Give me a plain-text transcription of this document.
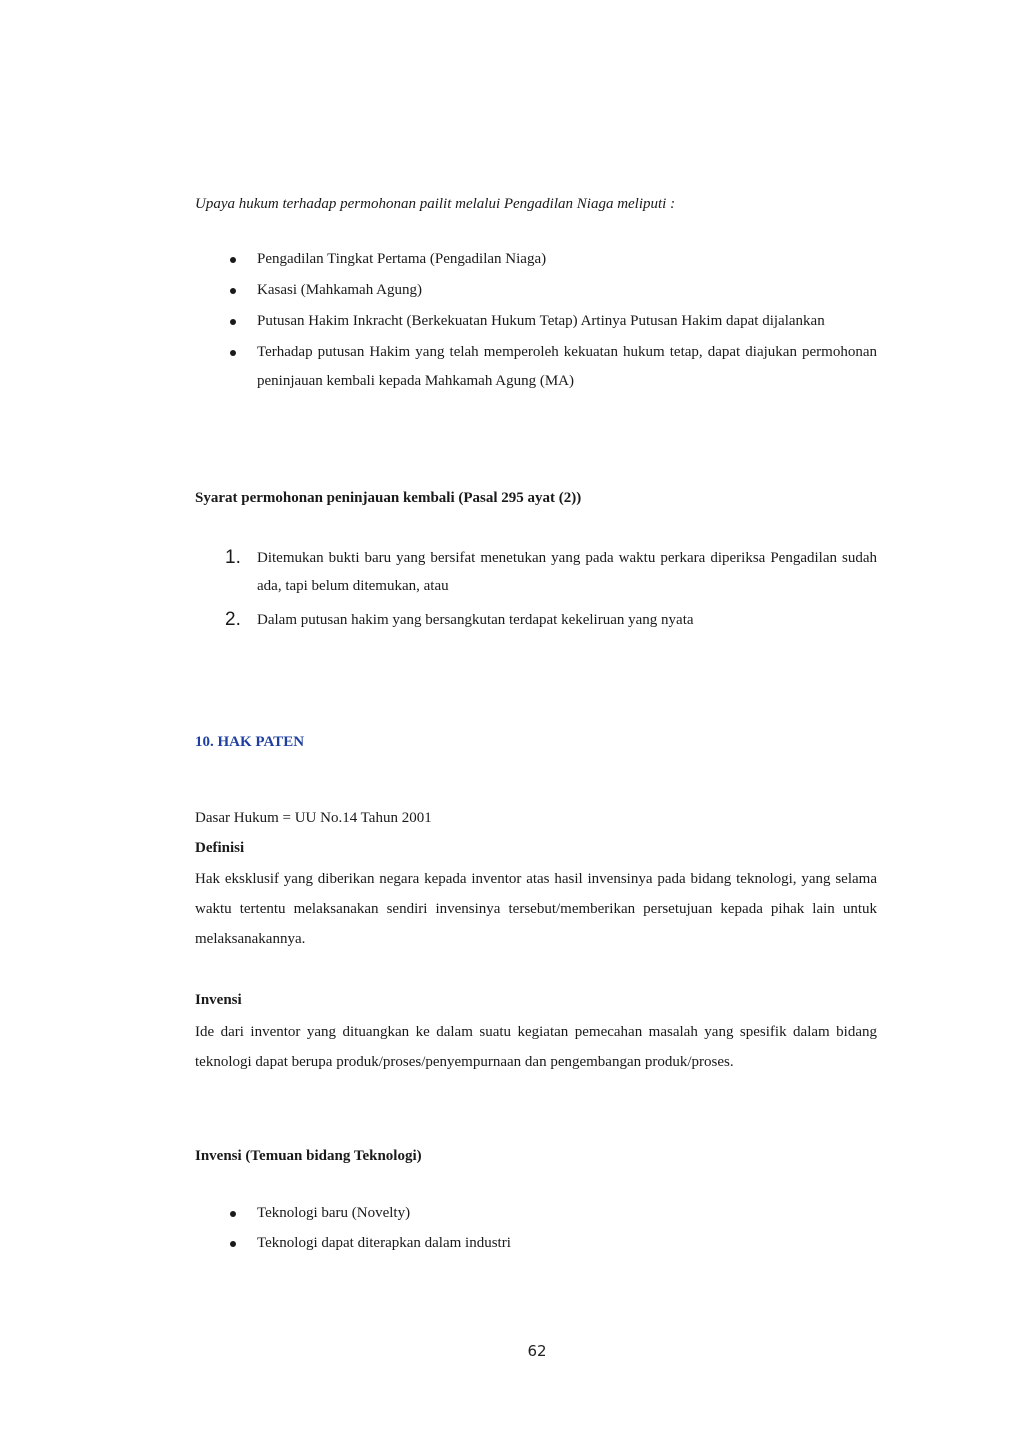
Upaya hukum terhadap permohonan pailit melalui Pengadilan Niaga meliputi :

Pengadilan Tingkat Pertama (Pengadilan Niaga)
Kasasi (Mahkamah Agung)
Putusan Hakim Inkracht (Berkekuatan Hukum Tetap) Artinya Putusan Hakim dapat dijalankan
Terhadap putusan Hakim yang telah memperoleh kekuatan hukum tetap, dapat diajukan permohonan peninjauan kembali kepada Mahkamah Agung (MA)

Syarat permohonan peninjauan kembali (Pasal 295 ayat (2))

1. Ditemukan bukti baru yang bersifat menetukan yang pada waktu perkara diperiksa Pengadilan sudah ada, tapi belum ditemukan, atau
2. Dalam putusan hakim yang bersangkutan terdapat kekeliruan yang nyata

10. HAK PATEN

Dasar Hukum = UU No.14 Tahun 2001

Definisi

Hak eksklusif yang diberikan negara kepada inventor atas hasil invensinya pada bidang teknologi, yang selama waktu tertentu melaksanakan sendiri invensinya tersebut/memberikan persetujuan kepada pihak lain untuk melaksanakannya.

Invensi

Ide dari inventor yang dituangkan ke dalam suatu kegiatan pemecahan masalah yang spesifik dalam bidang teknologi dapat berupa produk/proses/penyempurnaan dan pengembangan produk/proses.

Invensi (Temuan bidang Teknologi)

Teknologi baru (Novelty)
Teknologi dapat diterapkan dalam industri
62
